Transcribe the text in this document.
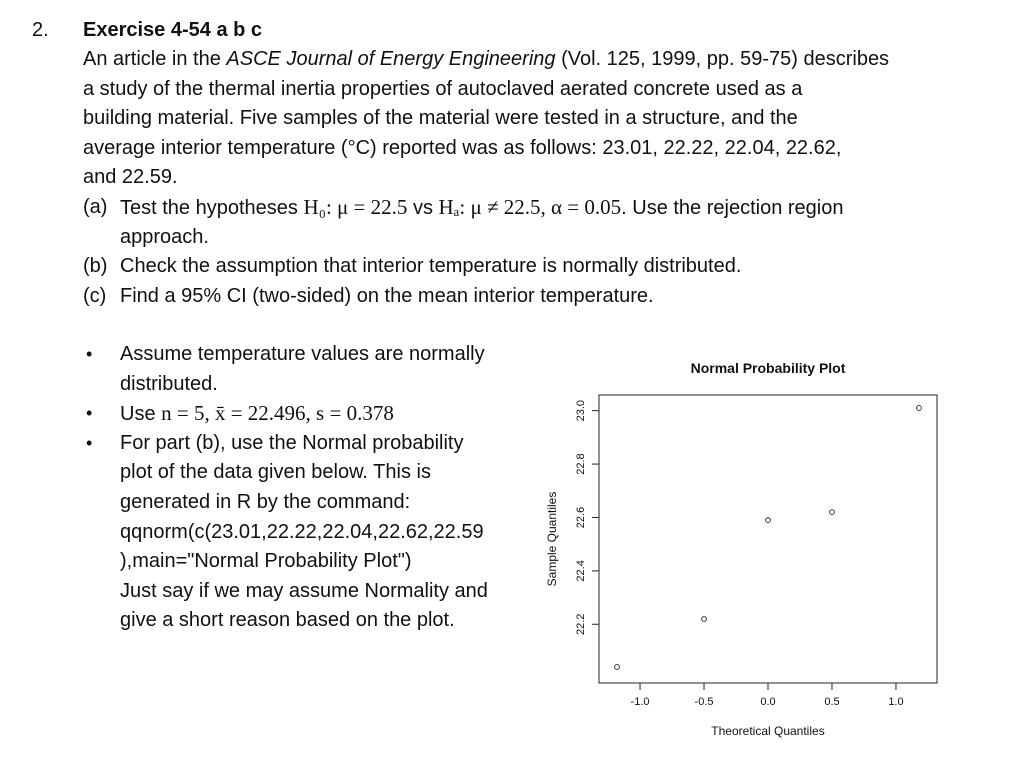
2. Exercise 4-54 a b c
An article in the ASCE Journal of Energy Engineering (Vol. 125, 1999, pp. 59-75) describes
a study of the thermal inertia properties of autoclaved aerated concrete used as a
building material. Five samples of the material were tested in a structure, and the
average interior temperature (°C) reported was as follows: 23.01, 22.22, 22.04, 22.62,
and 22.59.
(a) Test the hypotheses H₀: μ = 22.5 vs Hₐ: μ ≠ 22.5, α = 0.05. Use the rejection region
approach.
(b) Check the assumption that interior temperature is normally distributed.
(c) Find a 95% CI (two-sided) on the mean interior temperature.
• Assume temperature values are normally
distributed.
• Use n = 5, x̄ = 22.496, s = 0.378
• For part (b), use the Normal probability
plot of the data given below. This is
generated in R by the command:
qqnorm(c(23.01,22.22,22.04,22.62,22.59
),main="Normal Probability Plot")
Just say if we may assume Normality and
give a short reason based on the plot.
Normal Probability Plot
Theoretical Quantiles
Sample Quantiles
-1.0	-0.5	0.0	0.5	1.0
22.2
22.4
22.6
22.8
23.0
